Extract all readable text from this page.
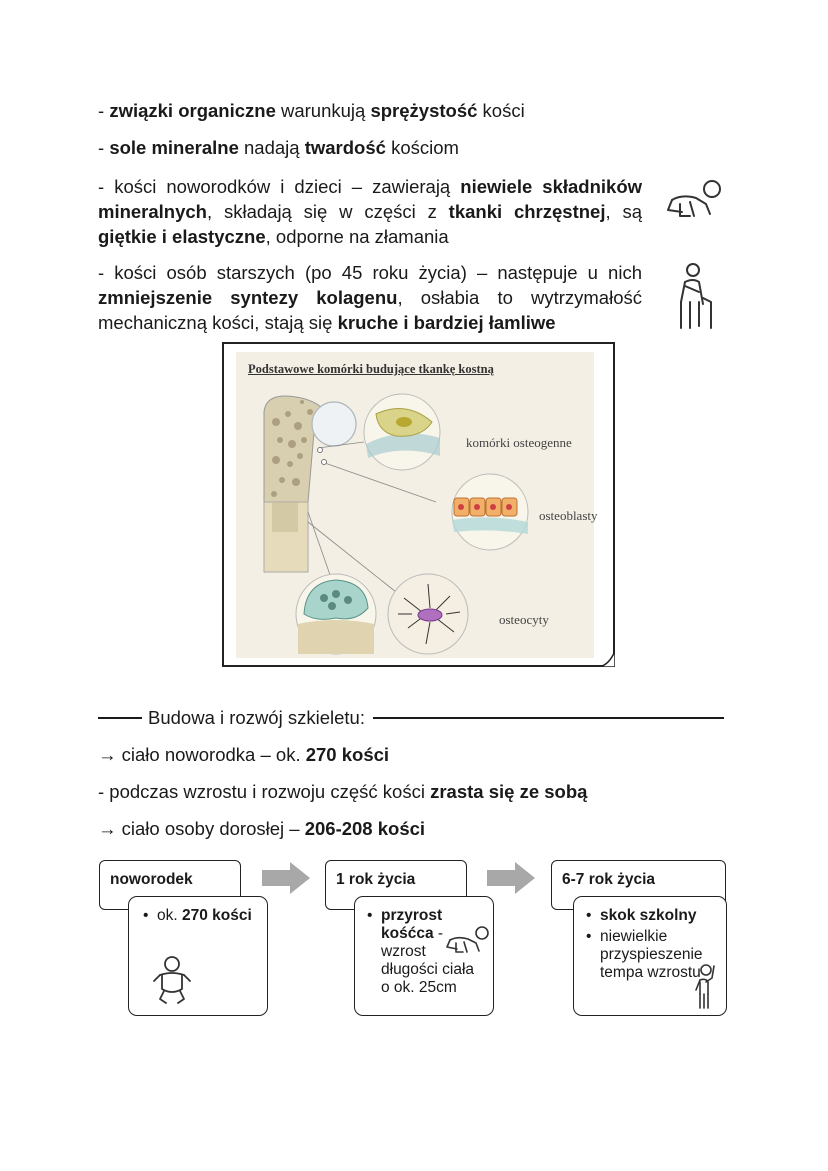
- związki organiczne warunkują sprężystość kości
- sole mineralne nadają twardość kościom
- kości noworodków i dzieci – zawierają niewiele składników mineralnych, składają się w części z tkanki chrzęstnej, są giętkie i elastyczne, odporne na złamania
- kości osób starszych (po 45 roku życia) – następuje u nich zmniejszenie syntezy kolagenu, osłabia to wytrzymałość mechaniczną kości, stają się kruche i bardziej łamliwe
Podstawowe komórki budujące tkankę kostną
komórki osteogenne
osteoblasty
osteocyty
Budowa i rozwój szkieletu:
→ ciało noworodka – ok. 270 kości
- podczas wzrostu i rozwoju część kości zrasta się ze sobą
→ ciało osoby dorosłej – 206-208 kości
noworodek
• ok. 270 kości
1 rok życia
• przyrost kośćca -
wzrost
długości ciała
o ok. 25cm
6-7 rok życia
• skok szkolny
• niewielkie
przyspieszenie
tempa wzrostu
